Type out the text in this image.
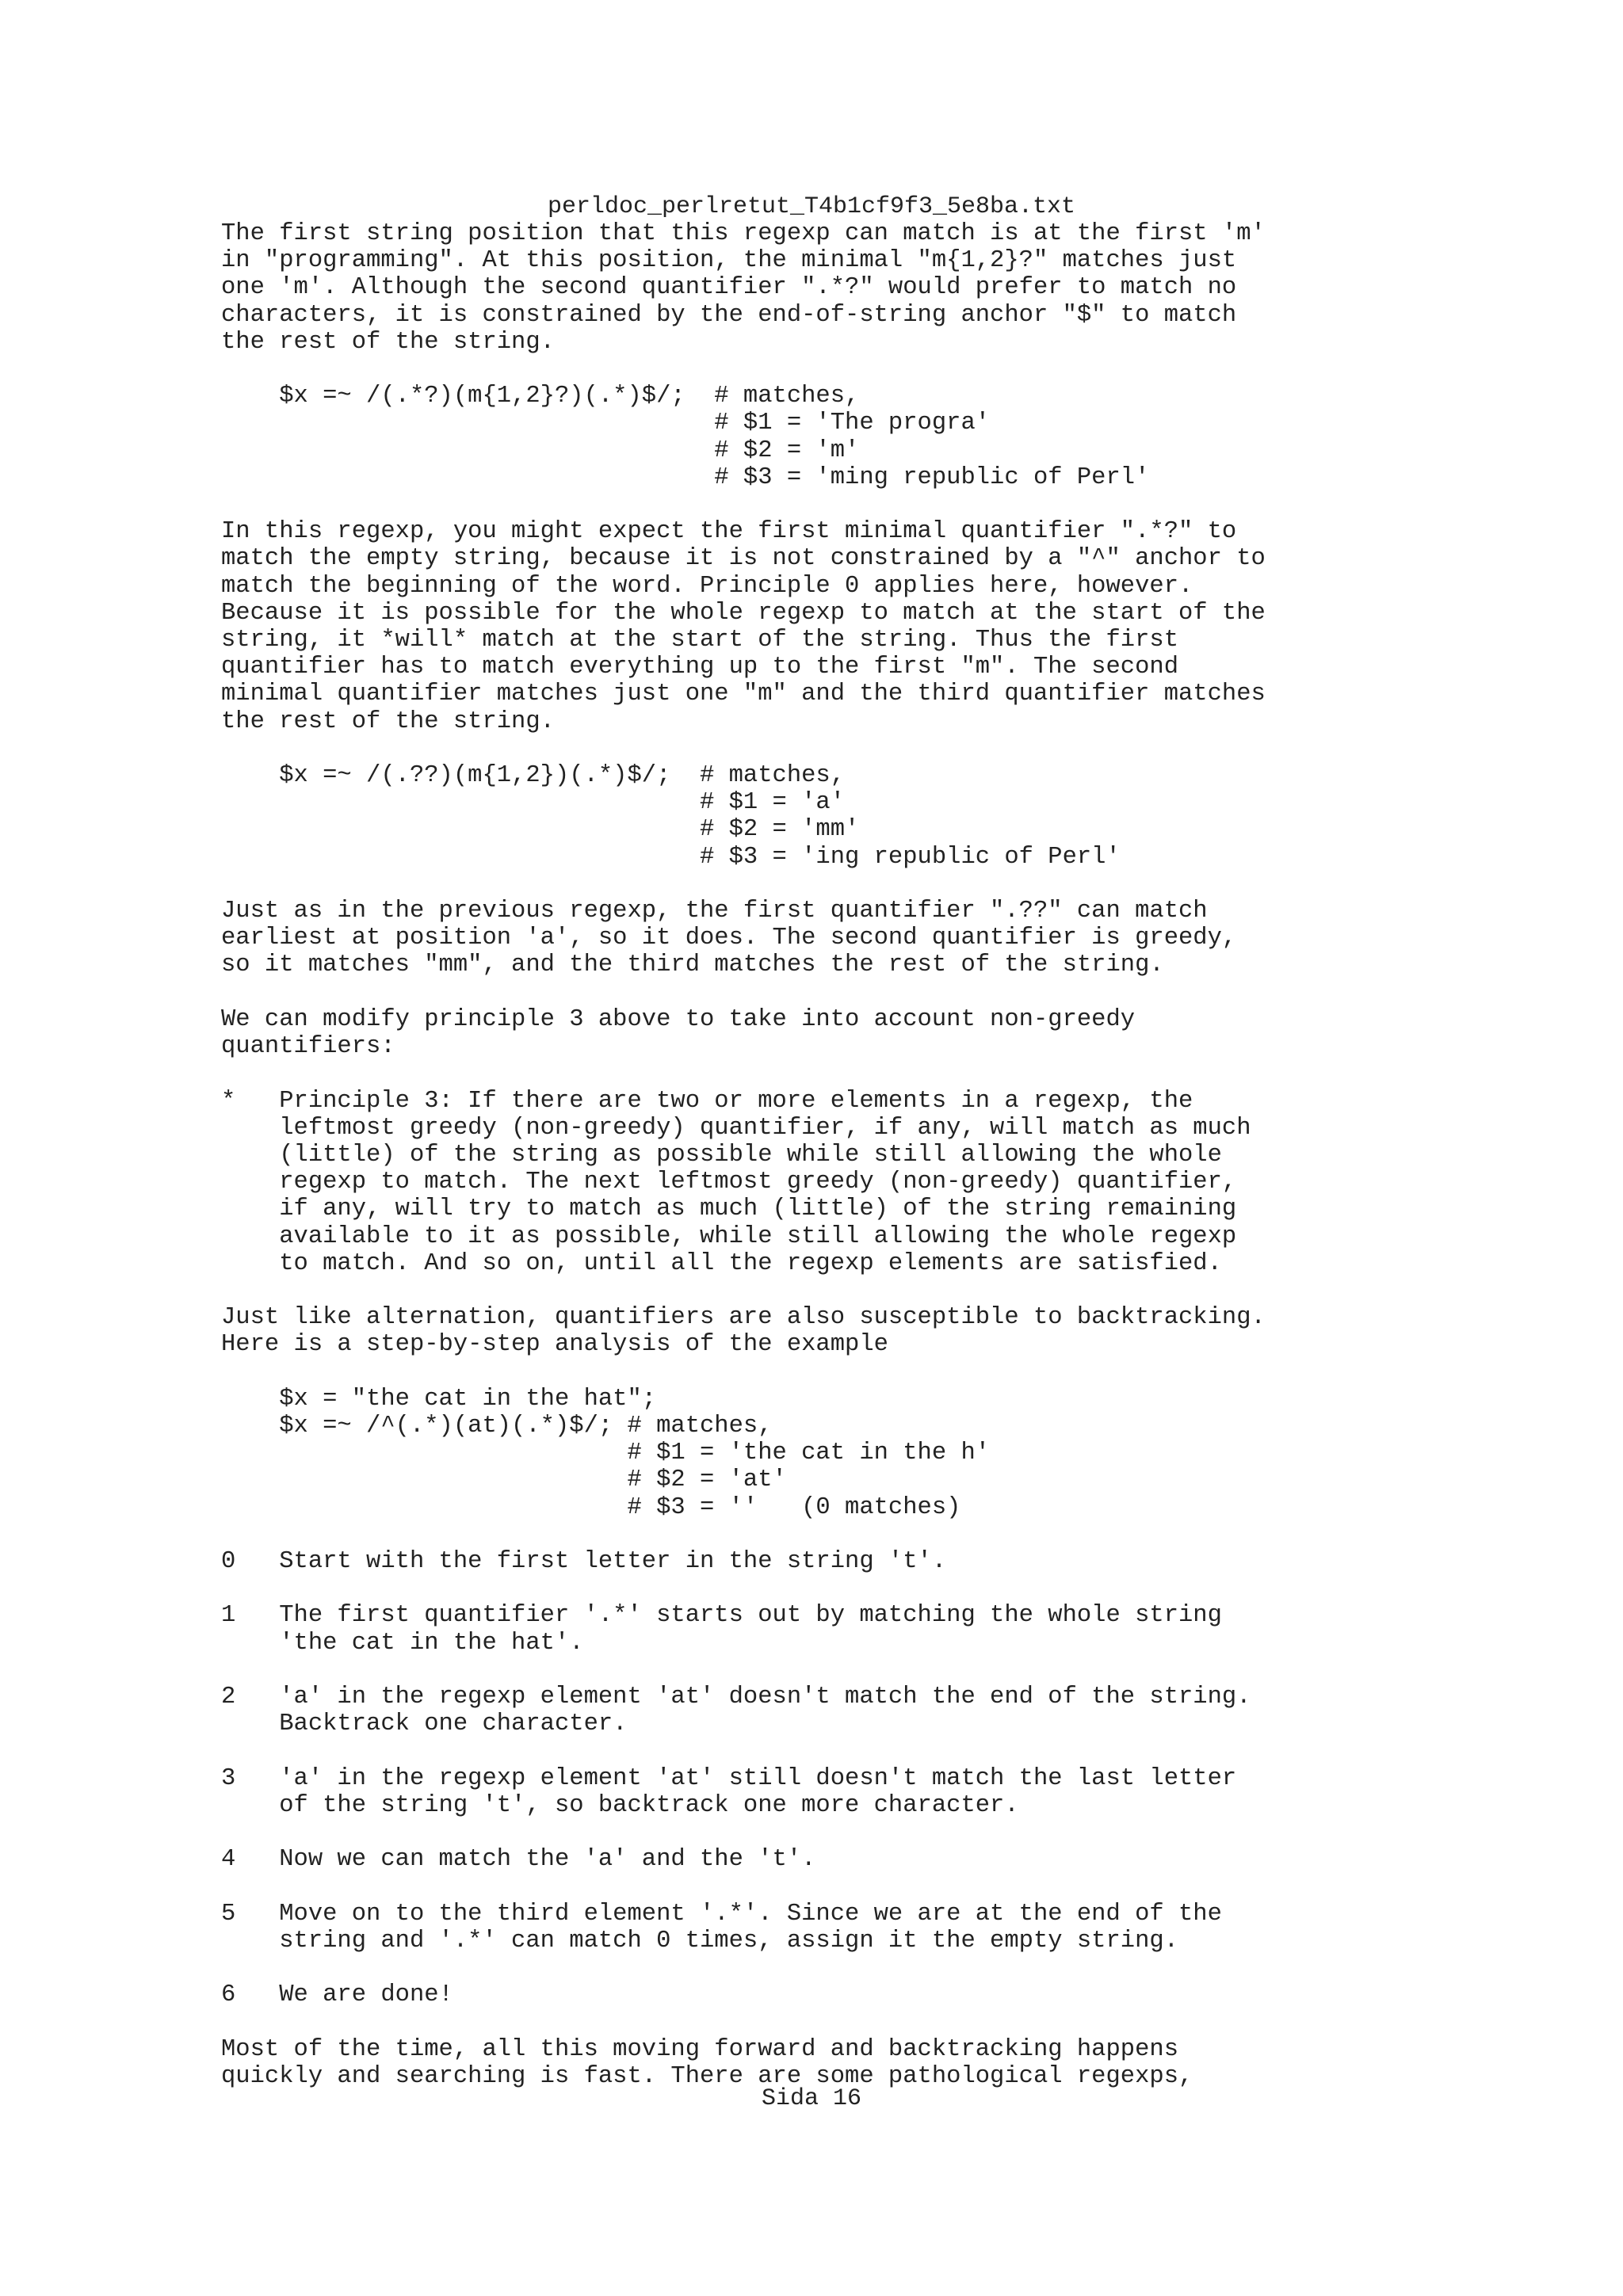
perldoc_perlretut_T4b1cf9f3_5e8ba.txt
The first string position that this regexp can match is at the first 'm'
in "programming". At this position, the minimal "m{1,2}?" matches just
one 'm'. Although the second quantifier ".*?" would prefer to match no
characters, it is constrained by the end-of-string anchor "$" to match
the rest of the string.

$x =~ /(.*?)(m{1,2}?)(.*)$/;  # matches,
# $1 = 'The progra'
# $2 = 'm'
# $3 = 'ming republic of Perl'

In this regexp, you might expect the first minimal quantifier ".*?" to
match the empty string, because it is not constrained by a "^" anchor to
match the beginning of the word. Principle 0 applies here, however.
Because it is possible for the whole regexp to match at the start of the
string, it *will* match at the start of the string. Thus the first
quantifier has to match everything up to the first "m". The second
minimal quantifier matches just one "m" and the third quantifier matches
the rest of the string.

$x =~ /(.??)(m{1,2})(.*)$/;  # matches,
# $1 = 'a'
# $2 = 'mm'
# $3 = 'ing republic of Perl'

Just as in the previous regexp, the first quantifier ".??" can match
earliest at position 'a', so it does. The second quantifier is greedy,
so it matches "mm", and the third matches the rest of the string.

We can modify principle 3 above to take into account non-greedy
quantifiers:

*   Principle 3: If there are two or more elements in a regexp, the
leftmost greedy (non-greedy) quantifier, if any, will match as much
(little) of the string as possible while still allowing the whole
regexp to match. The next leftmost greedy (non-greedy) quantifier,
if any, will try to match as much (little) of the string remaining
available to it as possible, while still allowing the whole regexp
to match. And so on, until all the regexp elements are satisfied.

Just like alternation, quantifiers are also susceptible to backtracking.
Here is a step-by-step analysis of the example

$x = "the cat in the hat";
$x =~ /^(.*)(at)(.*)$/; # matches,
# $1 = 'the cat in the h'
# $2 = 'at'
# $3 = ''   (0 matches)

0   Start with the first letter in the string 't'.

1   The first quantifier '.*' starts out by matching the whole string
'the cat in the hat'.

2   'a' in the regexp element 'at' doesn't match the end of the string.
Backtrack one character.

3   'a' in the regexp element 'at' still doesn't match the last letter
of the string 't', so backtrack one more character.

4   Now we can match the 'a' and the 't'.

5   Move on to the third element '.*'. Since we are at the end of the
string and '.*' can match 0 times, assign it the empty string.

6   We are done!

Most of the time, all this moving forward and backtracking happens
quickly and searching is fast. There are some pathological regexps,
Sida 16
